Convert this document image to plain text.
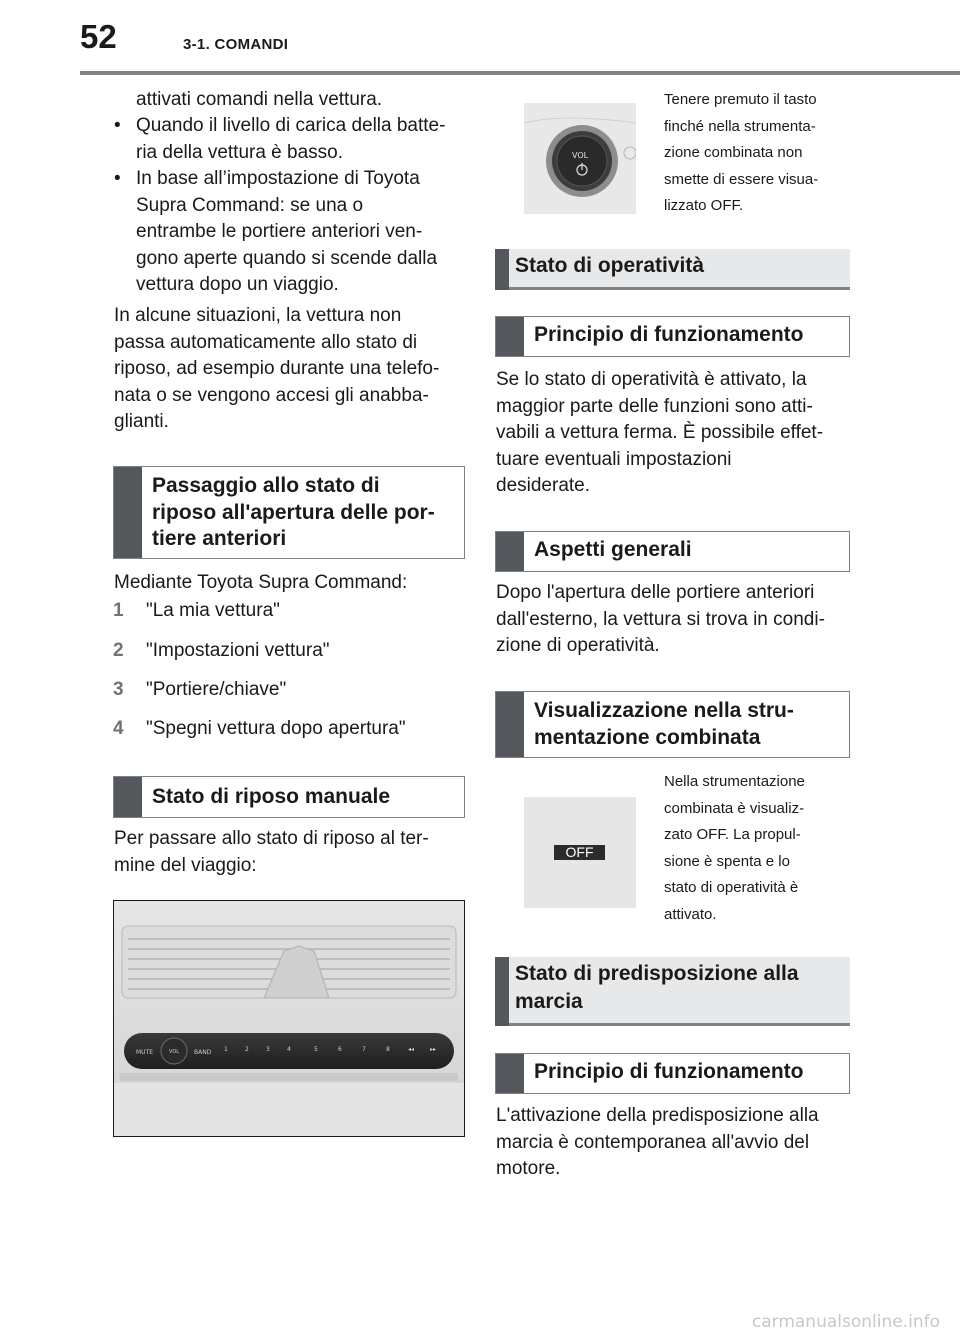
52	3-1. COMANDI
attivati comandi nella vettura.
• Quando il livello di carica della batte-
ria della vettura è basso.
• In base all’impostazione di Toyota
Supra Command: se una o
entrambe le portiere anteriori ven-
gono aperte quando si scende dalla
vettura dopo un viaggio.
In alcune situazioni, la vettura non
passa automaticamente allo stato di
riposo, ad esempio durante una telefo-
nata o se vengono accesi gli anabba-
glianti.
Passaggio allo stato di
riposo all'apertura delle por-
tiere anteriori
Mediante Toyota Supra Command:
1 "La mia vettura"
2 "Impostazioni vettura"
3 "Portiere/chiave"
4 "Spegni vettura dopo apertura"
Stato di riposo manuale
Per passare allo stato di riposo al ter-
mine del viaggio:
MUTE	VOL BAND 1	2	3	4	5	6	7	8	◂◂	▸▸
VOL
Tenere premuto il tasto
finché nella strumenta-
zione combinata non
smette di essere visua-
lizzato OFF.
Stato di operatività
Principio di funzionamento
Se lo stato di operatività è attivato, la
maggior parte delle funzioni sono atti-
vabili a vettura ferma. È possibile effet-
tuare eventuali impostazioni
desiderate.
Aspetti generali
Dopo l'apertura delle portiere anteriori
dall'esterno, la vettura si trova in condi-
zione di operatività.
Visualizzazione nella stru-
mentazione combinata
OFF
Nella strumentazione
combinata è visualiz-
zato OFF. La propul-
sione è spenta e lo
stato di operatività è
attivato.
Stato di predisposizione alla
marcia
Principio di funzionamento
L'attivazione della predisposizione alla
marcia è contemporanea all'avvio del
motore.
carmanualsonline.info
